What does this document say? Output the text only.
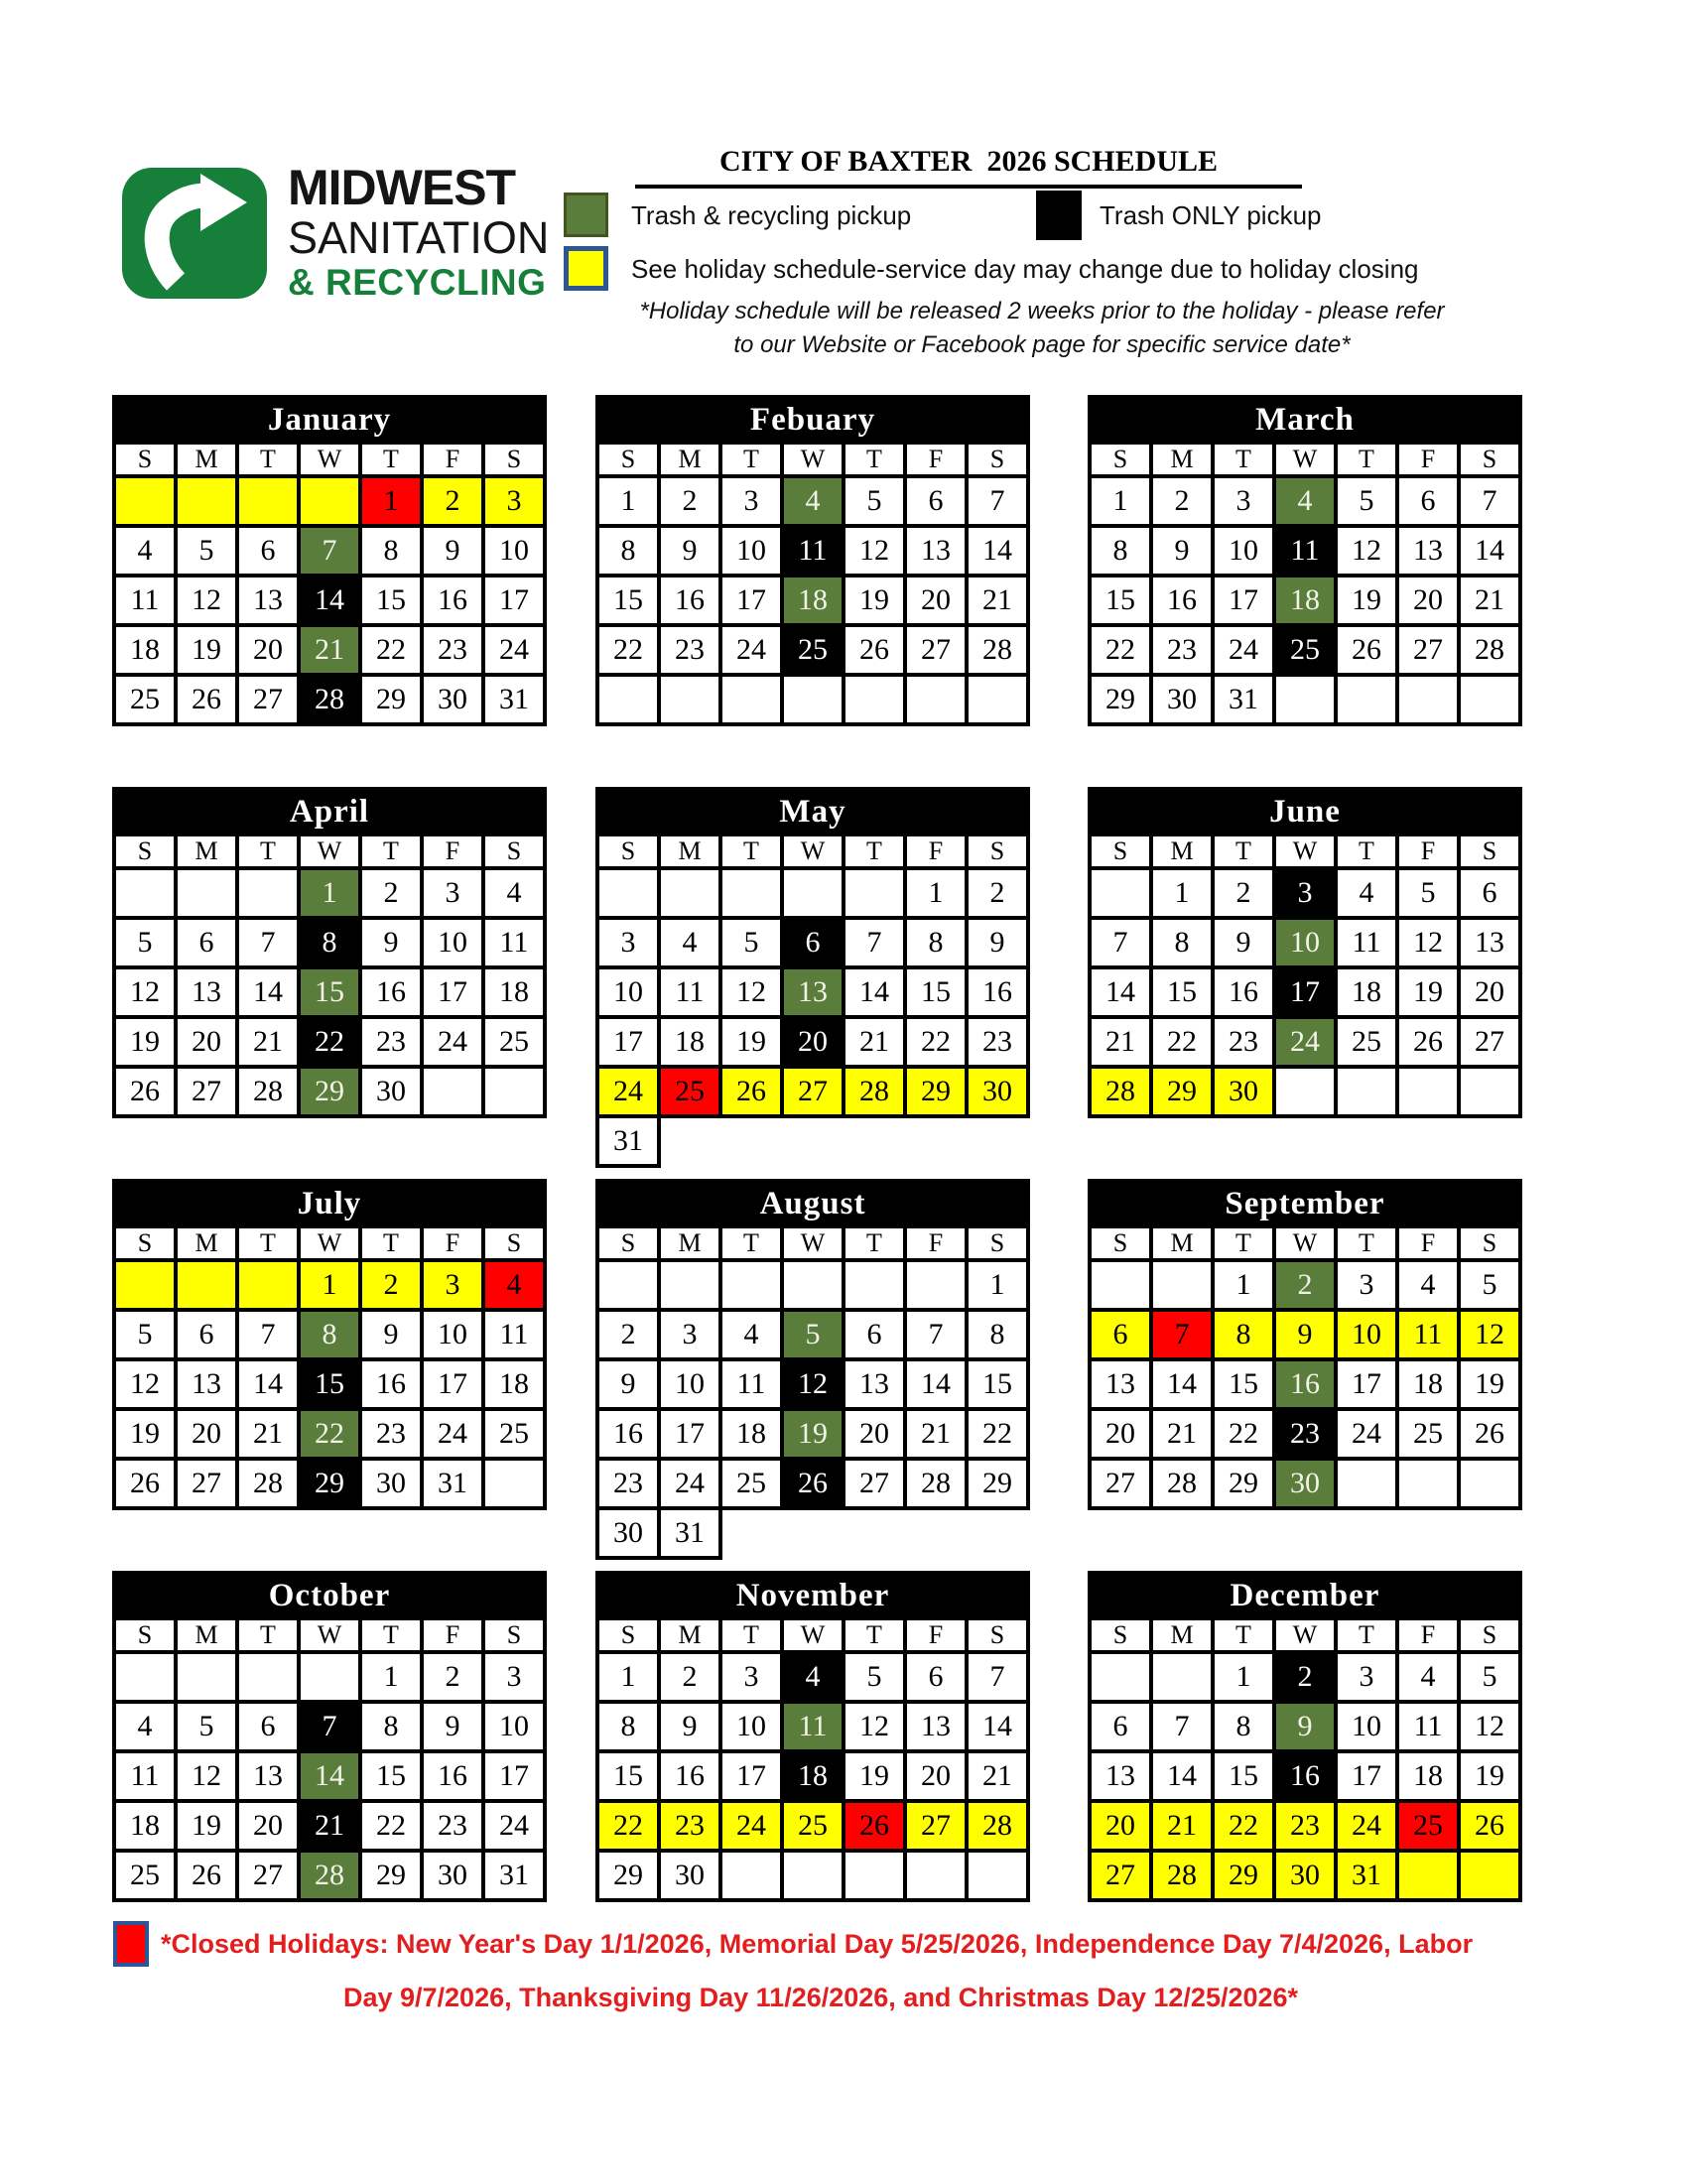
MIDWEST
SANITATION
& RECYCLING
CITY OF BAXTER  2026 SCHEDULE
Trash & recycling pickup	Trash ONLY pickup
See holiday schedule-service day may change due to holiday closing
*Holiday schedule will be released 2 weeks prior to the holiday - please refer
to our Website or Facebook page for specific service date*
January						
S	M	T	W	T	F	S
				1	2	3
4	5	6	7	8	9	10
11	12	13	14	15	16	17
18	19	20	21	22	23	24
25	26	27	28	29	30	31
Febuary						
S	M	T	W	T	F	S
1	2	3	4	5	6	7
8	9	10	11	12	13	14
15	16	17	18	19	20	21
22	23	24	25	26	27	28

March						
S	M	T	W	T	F	S
1	2	3	4	5	6	7
8	9	10	11	12	13	14
15	16	17	18	19	20	21
22	23	24	25	26	27	28
29	30	31				
April						
S	M	T	W	T	F	S
			1	2	3	4
5	6	7	8	9	10	11
12	13	14	15	16	17	18
19	20	21	22	23	24	25
26	27	28	29	30		
May						
S	M	T	W	T	F	S
					1	2
3	4	5	6	7	8	9
10	11	12	13	14	15	16
17	18	19	20	21	22	23
24	25	26	27	28	29	30
31						
June						
S	M	T	W	T	F	S
	1	2	3	4	5	6
7	8	9	10	11	12	13
14	15	16	17	18	19	20
21	22	23	24	25	26	27
28	29	30				
July						
S	M	T	W	T	F	S
			1	2	3	4
5	6	7	8	9	10	11
12	13	14	15	16	17	18
19	20	21	22	23	24	25
26	27	28	29	30	31	
August						
S	M	T	W	T	F	S
						1
2	3	4	5	6	7	8
9	10	11	12	13	14	15
16	17	18	19	20	21	22
23	24	25	26	27	28	29
30	31					
September						
S	M	T	W	T	F	S
		1	2	3	4	5
6	7	8	9	10	11	12
13	14	15	16	17	18	19
20	21	22	23	24	25	26
27	28	29	30			
October						
S	M	T	W	T	F	S
				1	2	3
4	5	6	7	8	9	10
11	12	13	14	15	16	17
18	19	20	21	22	23	24
25	26	27	28	29	30	31
November						
S	M	T	W	T	F	S
1	2	3	4	5	6	7
8	9	10	11	12	13	14
15	16	17	18	19	20	21
22	23	24	25	26	27	28
29	30					
December						
S	M	T	W	T	F	S
		1	2	3	4	5
6	7	8	9	10	11	12
13	14	15	16	17	18	19
20	21	22	23	24	25	26
27	28	29	30	31		
*Closed Holidays: New Year's Day 1/1/2026, Memorial Day 5/25/2026, Independence Day 7/4/2026, Labor
Day 9/7/2026, Thanksgiving Day 11/26/2026, and Christmas Day 12/25/2026*
